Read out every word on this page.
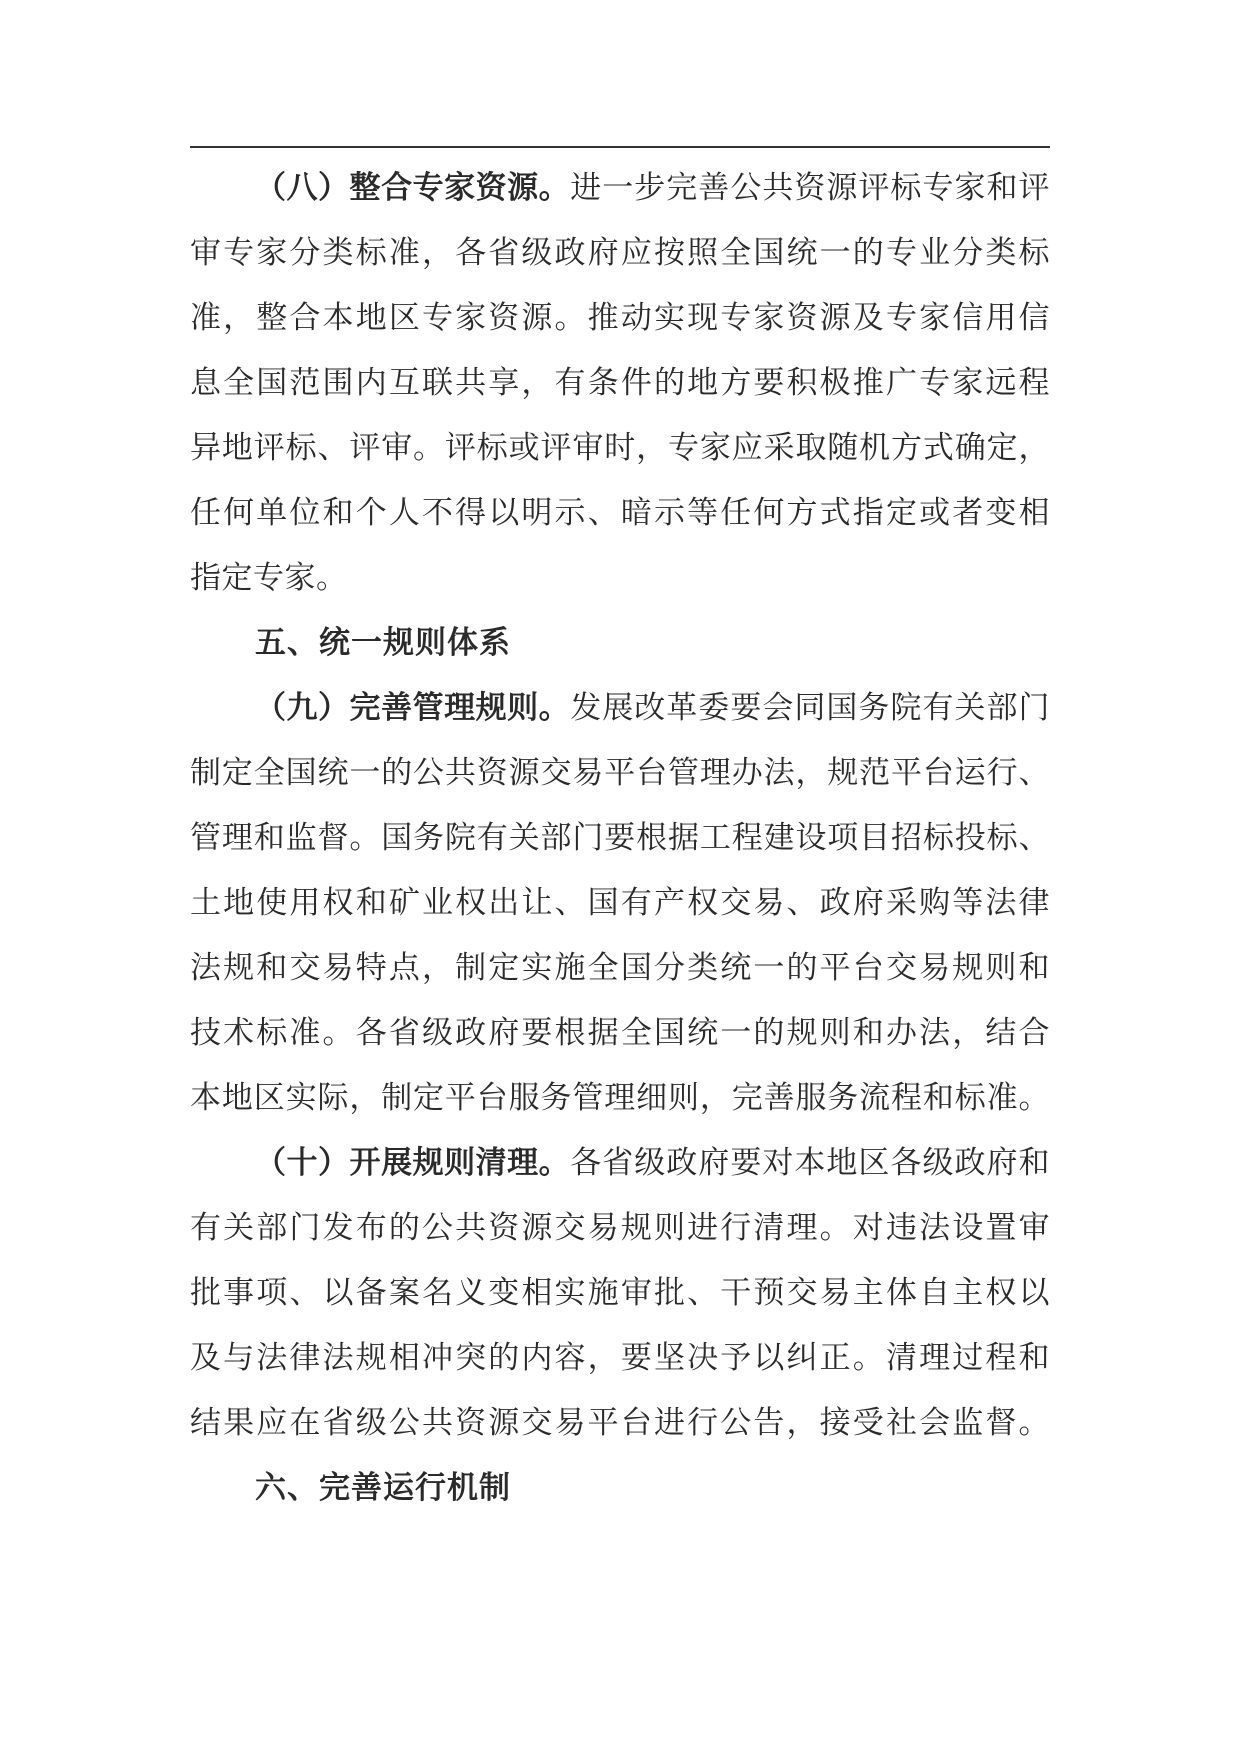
（八）整合专家资源。进一步完善公共资源评标专家和评
审专家分类标准，各省级政府应按照全国统一的专业分类标
准，整合本地区专家资源。推动实现专家资源及专家信用信
息全国范围内互联共享，有条件的地方要积极推广专家远程
异地评标、评审。评标或评审时，专家应采取随机方式确定，
任何单位和个人不得以明示、暗示等任何方式指定或者变相
指定专家。
五、统一规则体系
（九）完善管理规则。发展改革委要会同国务院有关部门
制定全国统一的公共资源交易平台管理办法，规范平台运行、
管理和监督。国务院有关部门要根据工程建设项目招标投标、
土地使用权和矿业权出让、国有产权交易、政府采购等法律
法规和交易特点，制定实施全国分类统一的平台交易规则和
技术标准。各省级政府要根据全国统一的规则和办法，结合
本地区实际，制定平台服务管理细则，完善服务流程和标准。
（十）开展规则清理。各省级政府要对本地区各级政府和
有关部门发布的公共资源交易规则进行清理。对违法设置审
批事项、以备案名义变相实施审批、干预交易主体自主权以
及与法律法规相冲突的内容，要坚决予以纠正。清理过程和
结果应在省级公共资源交易平台进行公告，接受社会监督。
六、完善运行机制
